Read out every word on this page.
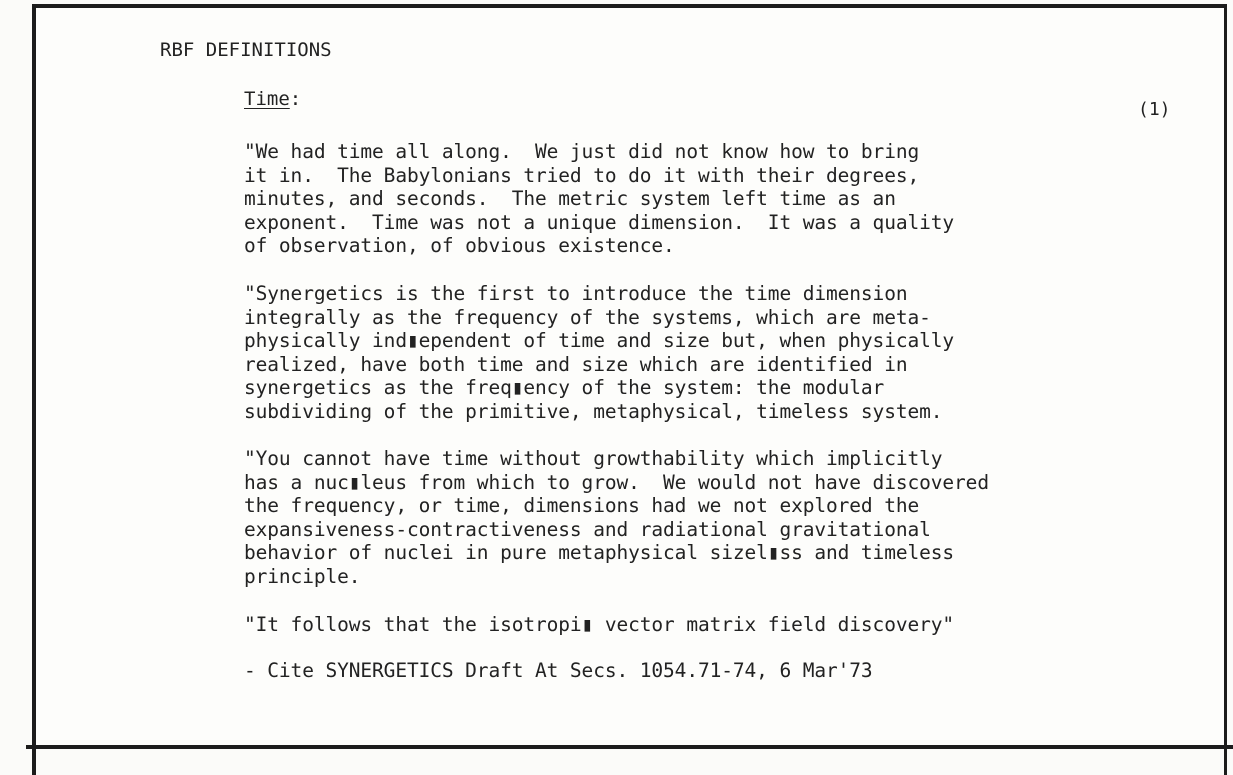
RBF DEFINITIONS
Time:	(1)

"We had time all along.  We just did not know how to bring
it in.  The Babylonians tried to do it with their degrees,
minutes, and seconds.  The metric system left time as an
exponent.  Time was not a unique dimension.  It was a quality
of observation, of obvious existence.

"Synergetics is the first to introduce the time dimension
integrally as the frequency of the systems, which are meta-
physically ind▮ependent of time and size but, when physically
realized, have both time and size which are identified in
synergetics as the freq▮ency of the system: the modular
subdividing of the primitive, metaphysical, timeless system.

"You cannot have time without growthability which implicitly
has a nuc▮leus from which to grow.  We would not have discovered
the frequency, or time, dimensions had we not explored the
expansiveness-contractiveness and radiational gravitational
behavior of nuclei in pure metaphysical sizel▮ss and timeless
principle.

"It follows that the isotropi▮ vector matrix field discovery"

- Cite SYNERGETICS Draft At Secs. 1054.71-74, 6 Mar'73
